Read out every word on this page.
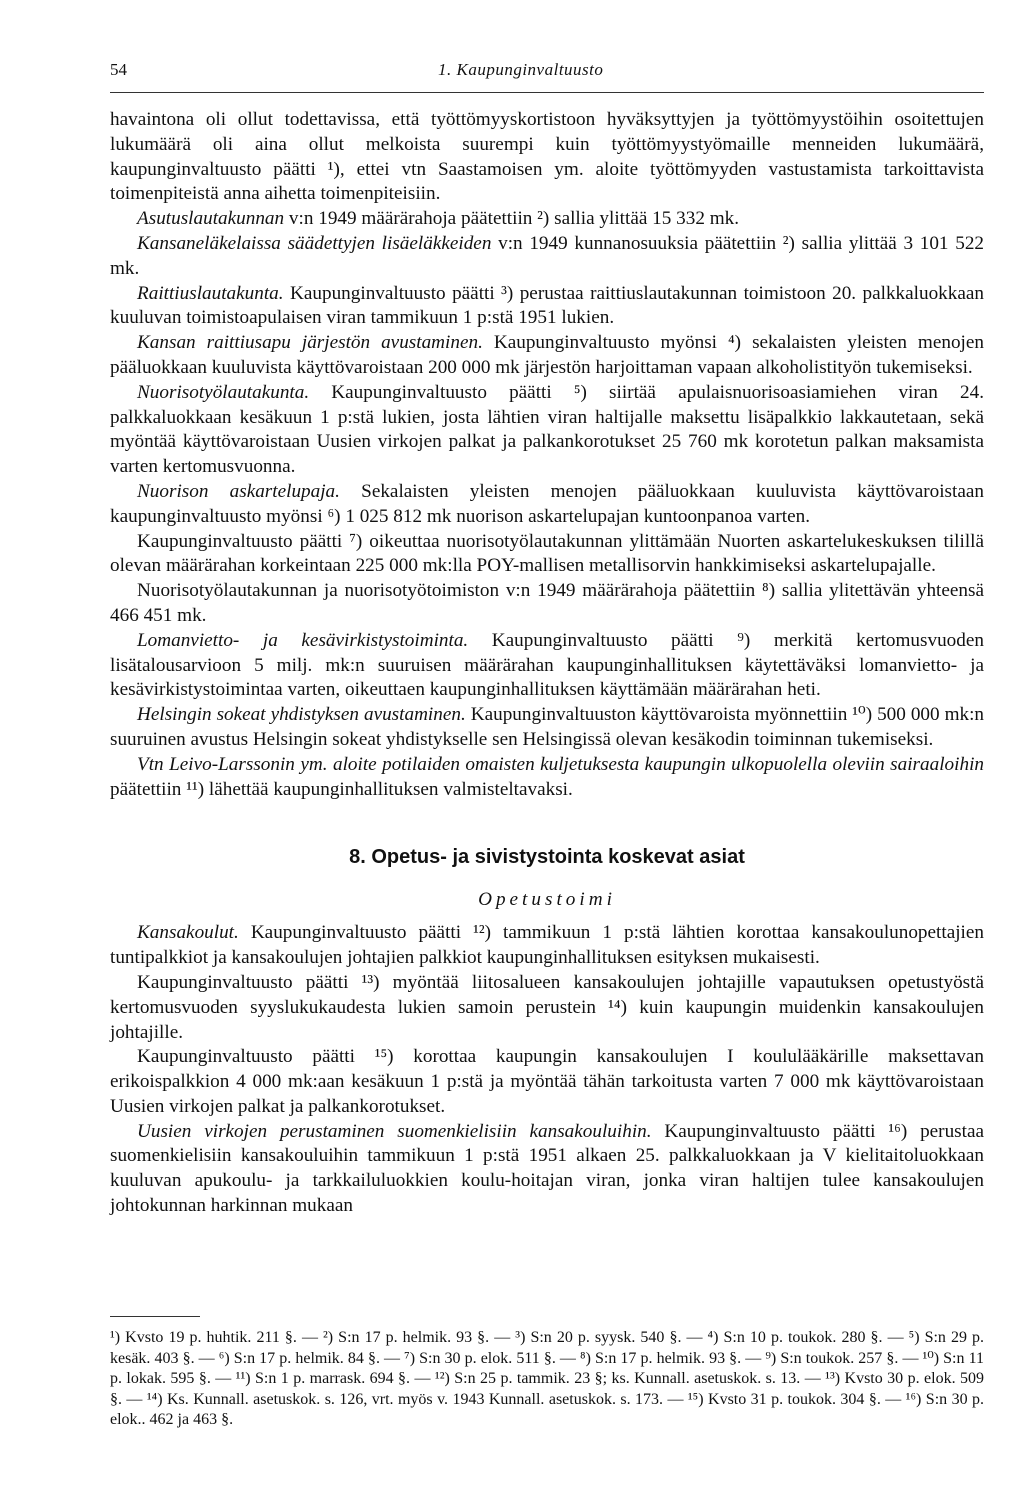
54	1. Kaupunginvaltuusto

havaintona oli ollut todettavissa, että työttömyyskortistoon hyväksyttyjen ja työttömyystöihin osoitettujen lukumäärä oli aina ollut melkoista suurempi kuin työttömyystyömaille menneiden lukumäärä, kaupunginvaltuusto päätti ¹), ettei vtn Saastamoisen ym. aloite työttömyyden vastustamista tarkoittavista toimenpiteistä anna aihetta toimenpiteisiin.

Asutuslautakunnan v:n 1949 määrärahoja päätettiin ²) sallia ylittää 15 332 mk.

Kansaneläkelaissa säädettyjen lisäeläkkeiden v:n 1949 kunnanosuuksia päätettiin ²) sallia ylittää 3 101 522 mk.

Raittiuslautakunta. Kaupunginvaltuusto päätti ³) perustaa raittiuslautakunnan toimistoon 20. palkkaluokkaan kuuluvan toimistoapulaisen viran tammikuun 1 p:stä 1951 lukien.

Kansan raittiusapu järjestön avustaminen. Kaupunginvaltuusto myönsi ⁴) sekalaisten yleisten menojen pääluokkaan kuuluvista käyttövaroistaan 200 000 mk järjestön harjoittaman vapaan alkoholistityön tukemiseksi.

Nuorisotyölautakunta. Kaupunginvaltuusto päätti ⁵) siirtää apulaisnuorisoasiamiehen viran 24. palkkaluokkaan kesäkuun 1 p:stä lukien, josta lähtien viran haltijalle maksettu lisäpalkkio lakkautetaan, sekä myöntää käyttövaroistaan Uusien virkojen palkat ja palkankorotukset 25 760 mk korotetun palkan maksamista varten kertomusvuonna.

Nuorison askartelupaja. Sekalaisten yleisten menojen pääluokkaan kuuluvista käyttövaroistaan kaupunginvaltuusto myönsi ⁶) 1 025 812 mk nuorison askartelupajan kuntoonpanoa varten.

Kaupunginvaltuusto päätti ⁷) oikeuttaa nuorisotyölautakunnan ylittämään Nuorten askartelukeskuksen tilillä olevan määrärahan korkeintaan 225 000 mk:lla POY-mallisen metallisorvin hankkimiseksi askartelupajalle.

Nuorisotyölautakunnan ja nuorisotyötoimiston v:n 1949 määrärahoja päätettiin ⁸) sallia ylitettävän yhteensä 466 451 mk.

Lomanvietto- ja kesävirkistystoiminta. Kaupunginvaltuusto päätti ⁹) merkitä kertomusvuoden lisätalousarvioon 5 milj. mk:n suuruisen määrärahan kaupunginhallituksen käytettäväksi lomanvietto- ja kesävirkistystoimintaa varten, oikeuttaen kaupunginhallituksen käyttämään määrärahan heti.

Helsingin sokeat yhdistyksen avustaminen. Kaupunginvaltuuston käyttövaroista myönnettiin ¹⁰) 500 000 mk:n suuruinen avustus Helsingin sokeat yhdistykselle sen Helsingissä olevan kesäkodin toiminnan tukemiseksi.

Vtn Leivo-Larssonin ym. aloite potilaiden omaisten kuljetuksesta kaupungin ulkopuolella oleviin sairaaloihin päätettiin ¹¹) lähettää kaupunginhallituksen valmisteltavaksi.

8. Opetus- ja sivistystointa koskevat asiat
Opetustoimi

Kansakoulut. Kaupunginvaltuusto päätti ¹²) tammikuun 1 p:stä lähtien korottaa kansakoulunopettajien tuntipalkkiot ja kansakoulujen johtajien palkkiot kaupunginhallituksen esityksen mukaisesti.

Kaupunginvaltuusto päätti ¹³) myöntää liitosalueen kansakoulujen johtajille vapautuksen opetustyöstä kertomusvuoden syyslukukaudesta lukien samoin perustein ¹⁴) kuin kaupungin muidenkin kansakoulujen johtajille.

Kaupunginvaltuusto päätti ¹⁵) korottaa kaupungin kansakoulujen I koululääkärille maksettavan erikoispalkkion 4 000 mk:aan kesäkuun 1 p:stä ja myöntää tähän tarkoitusta varten 7 000 mk käyttövaroistaan Uusien virkojen palkat ja palkankorotukset.

Uusien virkojen perustaminen suomenkielisiin kansakouluihin. Kaupunginvaltuusto päätti ¹⁶) perustaa suomenkielisiin kansakouluihin tammikuun 1 p:stä 1951 alkaen 25. palkkaluokkaan ja V kielitaitoluokkaan kuuluvan apukoulu- ja tarkkailuluokkien koulu-hoitajan viran, jonka viran haltijen tulee kansakoulujen johtokunnan harkinnan mukaan

¹) Kvsto 19 p. huhtik. 211 §. — ²) S:n 17 p. helmik. 93 §. — ³) S:n 20 p. syysk. 540 §. — ⁴) S:n 10 p. toukok. 280 §. — ⁵) S:n 29 p. kesäk. 403 §. — ⁶) S:n 17 p. helmik. 84 §. — ⁷) S:n 30 p. elok. 511 §. — ⁸) S:n 17 p. helmik. 93 §. — ⁹) S:n toukok. 257 §. — ¹⁰) S:n 11 p. lokak. 595 §. — ¹¹) S:n 1 p. marrask. 694 §. — ¹²) S:n 25 p. tammik. 23 §; ks. Kunnall. asetuskok. s. 13. — ¹³) Kvsto 30 p. elok. 509 §. — ¹⁴) Ks. Kunnall. asetuskok. s. 126, vrt. myös v. 1943 Kunnall. asetuskok. s. 173. — ¹⁵) Kvsto 31 p. toukok. 304 §. — ¹⁶) S:n 30 p. elok.. 462 ja 463 §.
